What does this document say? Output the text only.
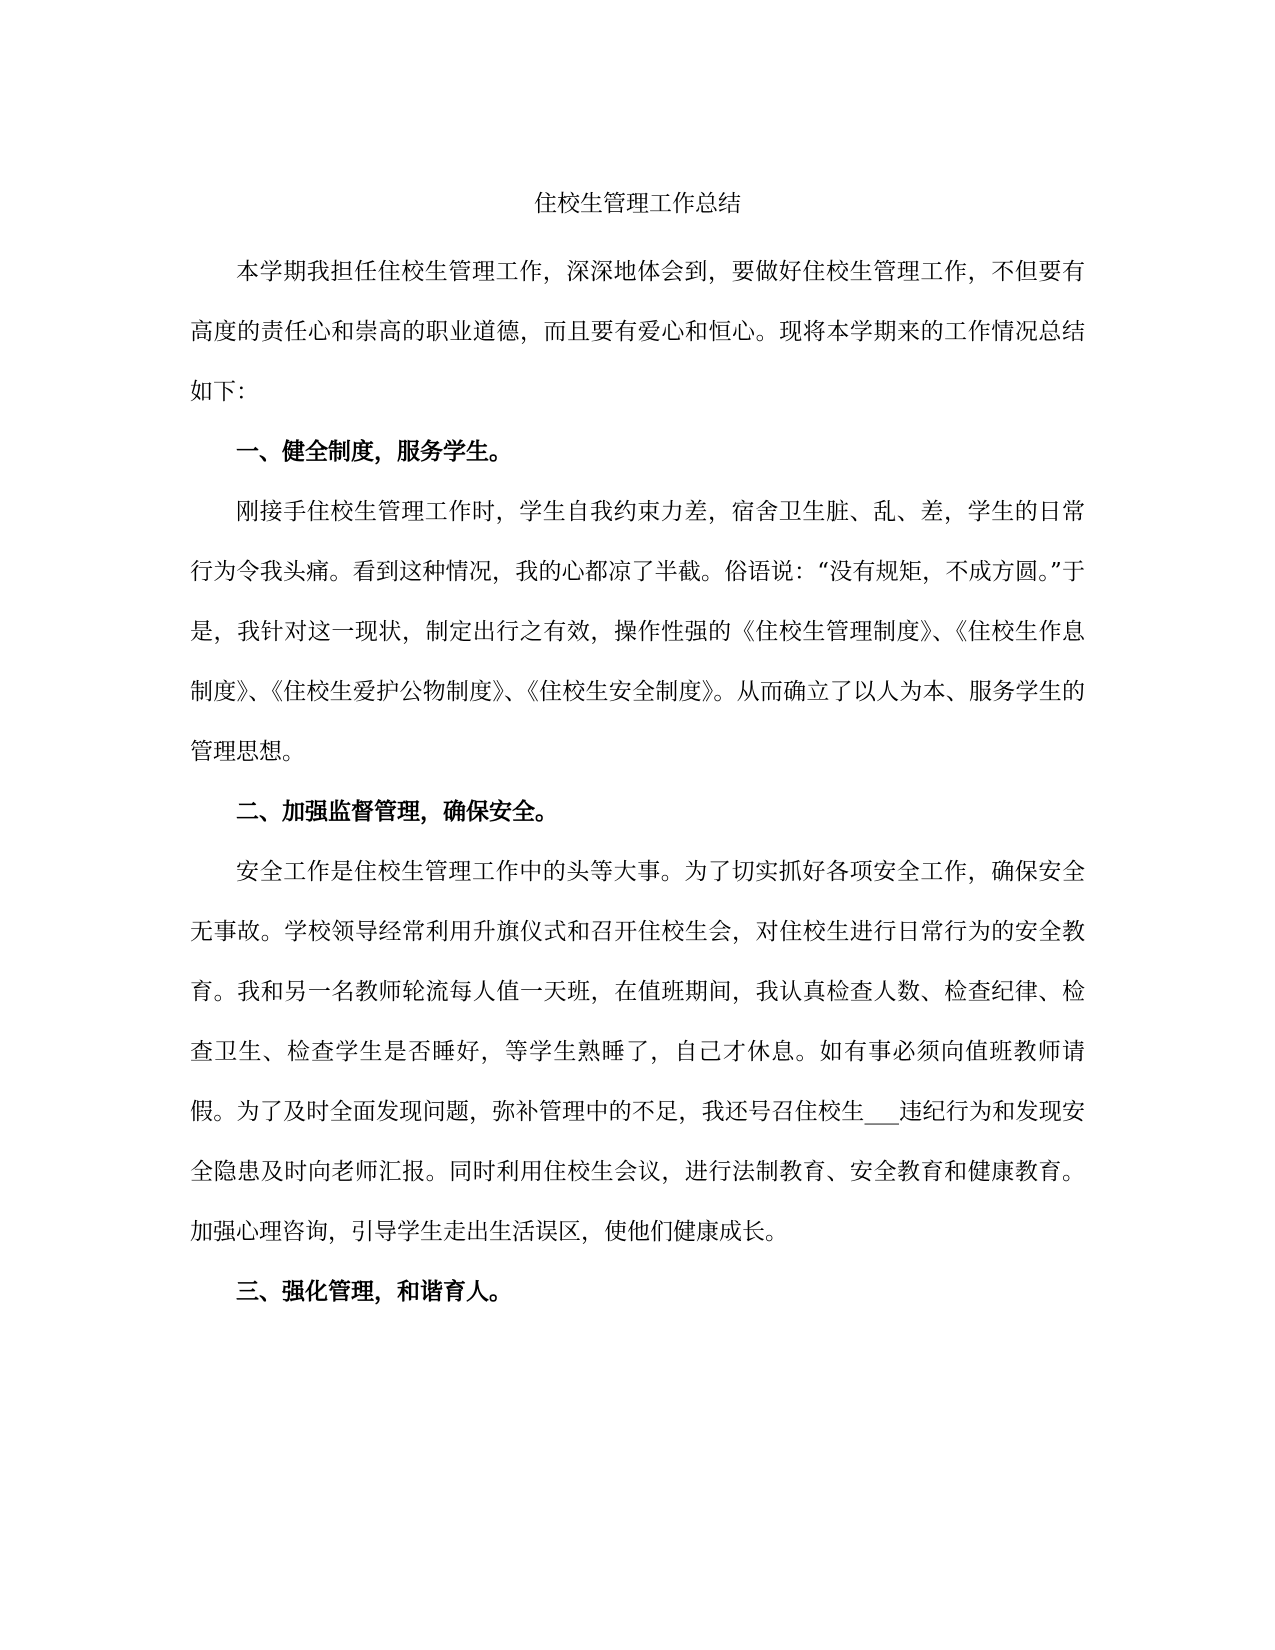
住校生管理工作总结

本学期我担任住校生管理工作，深深地体会到，要做好住校生管理工作，不但要有高度的责任心和崇高的职业道德，而且要有爱心和恒心。现将本学期来的工作情况总结如下：

一、健全制度，服务学生。

刚接手住校生管理工作时，学生自我约束力差，宿舍卫生脏、乱、差，学生的日常行为令我头痛。看到这种情况，我的心都凉了半截。俗语说：“没有规矩，不成方圆。”于是，我针对这一现状，制定出行之有效，操作性强的《住校生管理制度》、《住校生作息制度》、《住校生爱护公物制度》、《住校生安全制度》。从而确立了以人为本、服务学生的管理思想。

二、加强监督管理，确保安全。

安全工作是住校生管理工作中的头等大事。为了切实抓好各项安全工作，确保安全无事故。学校领导经常利用升旗仪式和召开住校生会，对住校生进行日常行为的安全教育。我和另一名教师轮流每人值一天班，在值班期间，我认真检查人数、检查纪律、检查卫生、检查学生是否睡好，等学生熟睡了，自己才休息。如有事必须向值班教师请假。为了及时全面发现问题，弥补管理中的不足，我还号召住校生___违纪行为和发现安全隐患及时向老师汇报。同时利用住校生会议，进行法制教育、安全教育和健康教育。加强心理咨询，引导学生走出生活误区，使他们健康成长。

三、强化管理，和谐育人。
